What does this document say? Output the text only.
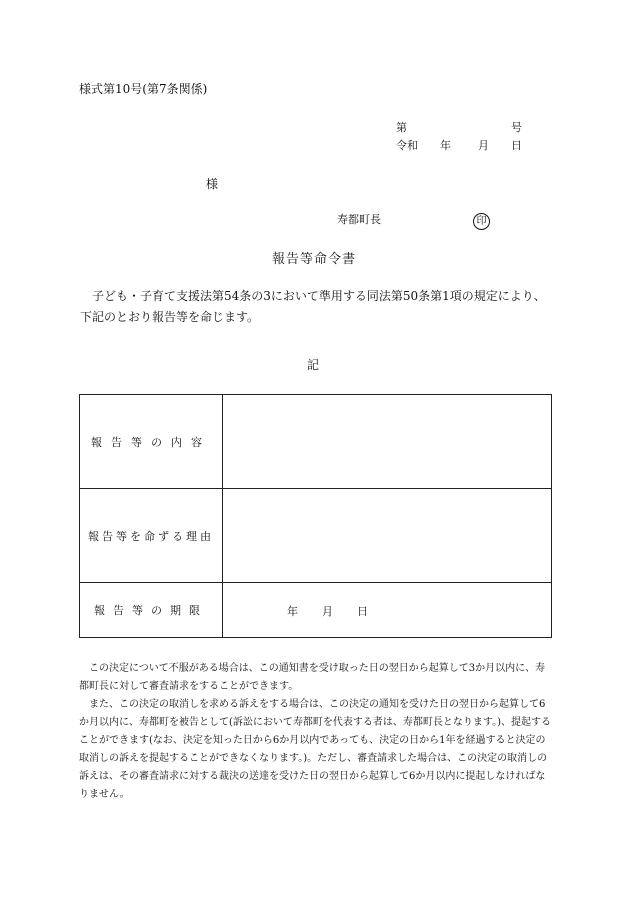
様式第10号(第7条関係)
第	号
令和 年 月 日
様
寿都町長	印
報告等命令書
子ども・子育て支援法第54条の3において準用する同法第50条第1項の規定により、下記のとおり報告等を命じます。
記
報告等の内容	
報告等を命ずる理由	
報告等の期限	年 月 日

この決定について不服がある場合は、この通知書を受け取った日の翌日から起算して3か月以内に、寿都町長に対して審査請求をすることができます。

また、この決定の取消しを求める訴えをする場合は、この決定の通知を受けた日の翌日から起算して6か月以内に、寿都町を被告として(訴訟において寿都町を代表する者は、寿都町長となります。)、提起することができます(なお、決定を知った日から6か月以内であっても、決定の日から1年を経過すると決定の取消しの訴えを提起することができなくなります。)。ただし、審査請求した場合は、この決定の取消しの訴えは、その審査請求に対する裁決の送達を受けた日の翌日から起算して6か月以内に提起しなければなりません。
